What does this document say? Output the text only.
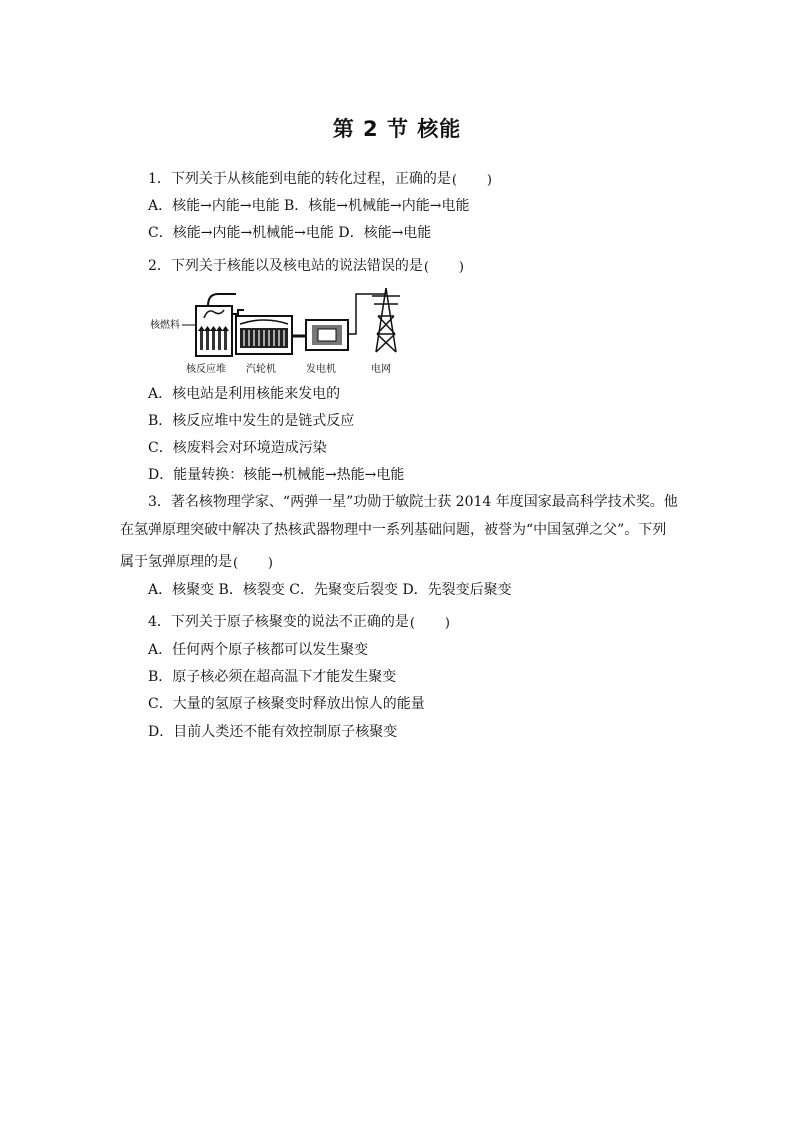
第 2 节 核能
1．下列关于从核能到电能的转化过程，正确的是 ( )
A．核能→内能→电能 B．核能→机械能→内能→电能
C．核能→内能→机械能→电能 D．核能→电能
2．下列关于核能以及核电站的说法错误的是 ( )
核燃料
核反应堆 汽轮机	发电机	电网
A．核电站是利用核能来发电的
B．核反应堆中发生的是链式反应
C．核废料会对环境造成污染
D．能量转换：核能→机械能→热能→电能
3．著名核物理学家、“两弹一星”功勋于敏院士获 2014 年度国家最高科学技术奖。他
在氢弹原理突破中解决了热核武器物理中一系列基础问题，被誉为“中国氢弹之父”。下列
属于氢弹原理的是 ( )
A．核聚变 B．核裂变 C．先聚变后裂变 D．先裂变后聚变
4．下列关于原子核聚变的说法不正确的是 ( )
A．任何两个原子核都可以发生聚变
B．原子核必须在超高温下才能发生聚变
C．大量的氢原子核聚变时释放出惊人的能量
D．目前人类还不能有效控制原子核聚变
